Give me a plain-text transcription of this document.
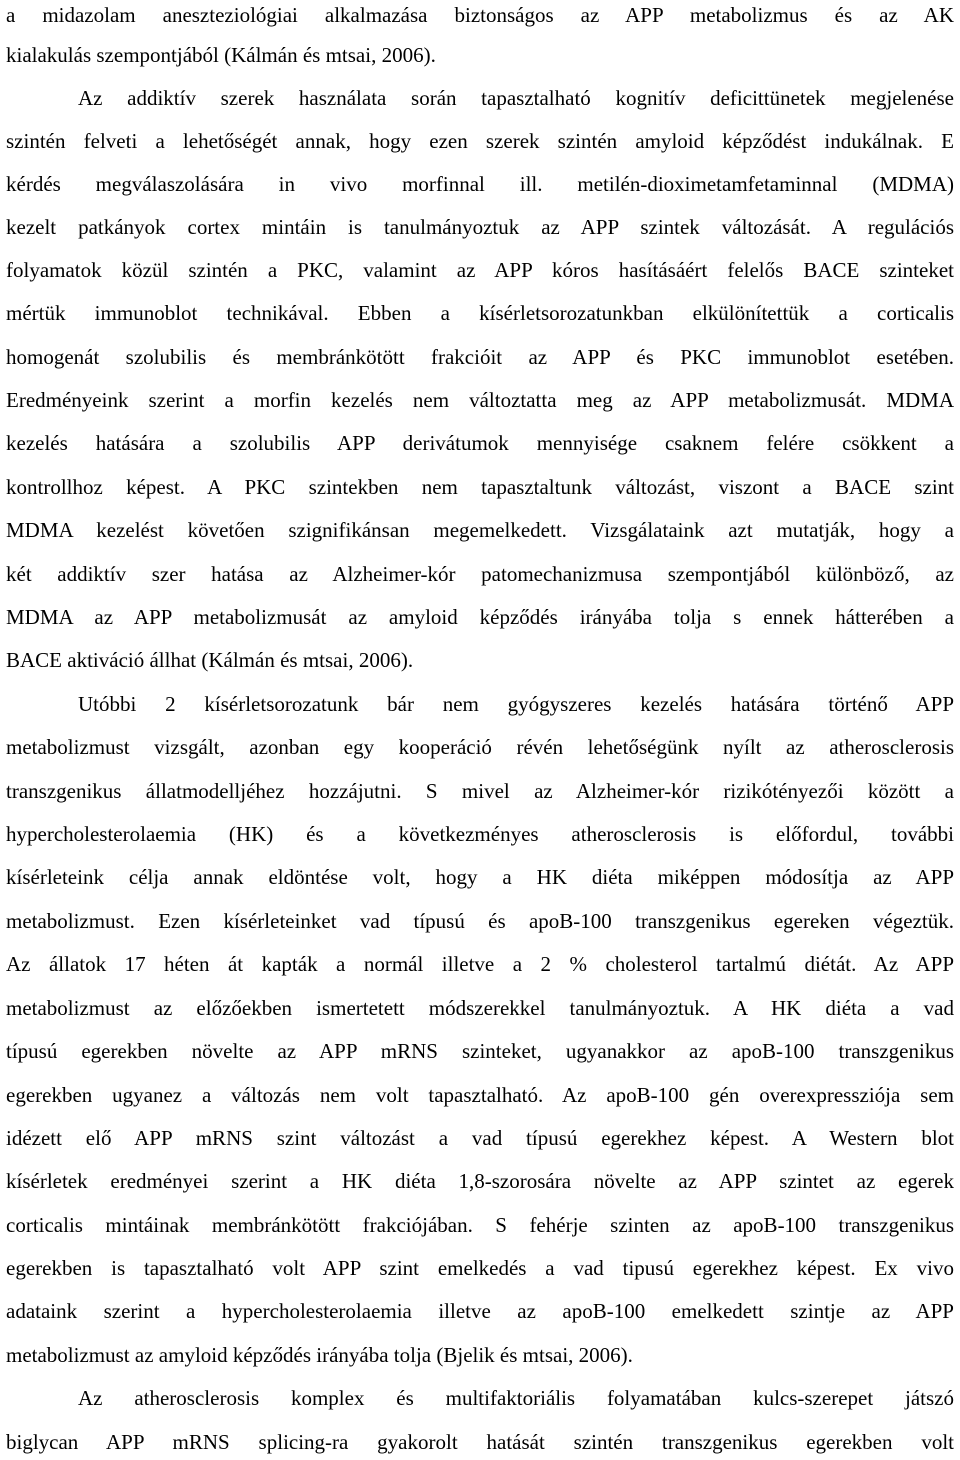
a midazolam aneszteziológiai alkalmazása biztonságos az APP metabolizmus és az AK
kialakulás szempontjából (Kálmán és mtsai, 2006).
Az addiktív szerek használata során tapasztalható kognitív deficittünetek megjelenése
szintén felveti a lehetőségét annak, hogy ezen szerek szintén amyloid képződést indukálnak. E
kérdés megválaszolására in vivo morfinnal ill. metilén-dioximetamfetaminnal (MDMA)
kezelt patkányok cortex mintáin is tanulmányoztuk az APP szintek változását. A regulációs
folyamatok közül szintén a PKC, valamint az APP kóros hasításáért felelős BACE szinteket
mértük immunoblot technikával. Ebben a kísérletsorozatunkban elkülönítettük a corticalis
homogenát szolubilis és membránkötött frakcióit az APP és PKC immunoblot esetében.
Eredményeink szerint a morfin kezelés nem változtatta meg az APP metabolizmusát. MDMA
kezelés hatására a szolubilis APP derivátumok mennyisége csaknem felére csökkent a
kontrollhoz képest. A PKC szintekben nem tapasztaltunk változást, viszont a BACE szint
MDMA kezelést követően szignifikánsan megemelkedett. Vizsgálataink azt mutatják, hogy a
két addiktív szer hatása az Alzheimer-kór patomechanizmusa szempontjából különböző, az
MDMA az APP metabolizmusát az amyloid képződés irányába tolja s ennek hátterében a
BACE aktiváció állhat (Kálmán és mtsai, 2006).
Utóbbi 2 kísérletsorozatunk bár nem gyógyszeres kezelés hatására történő APP
metabolizmust vizsgált, azonban egy kooperáció révén lehetőségünk nyílt az atherosclerosis
transzgenikus állatmodelljéhez hozzájutni. S mivel az Alzheimer-kór rizikótényezői között a
hypercholesterolaemia (HK) és a következményes atherosclerosis is előfordul, további
kísérleteink célja annak eldöntése volt, hogy a HK diéta miképpen módosítja az APP
metabolizmust. Ezen kísérleteinket vad típusú és apoB-100 transzgenikus egereken végeztük.
Az állatok 17 héten át kapták a normál illetve a 2 % cholesterol tartalmú diétát. Az APP
metabolizmust az előzőekben ismertetett módszerekkel tanulmányoztuk. A HK diéta a vad
típusú egerekben növelte az APP mRNS szinteket, ugyanakkor az apoB-100 transzgenikus
egerekben ugyanez a változás nem volt tapasztalható. Az apoB-100 gén overexpressziója sem
idézett elő APP mRNS szint változást a vad típusú egerekhez képest. A Western blot
kísérletek eredményei szerint a HK diéta 1,8-szorosára növelte az APP szintet az egerek
corticalis mintáinak membránkötött frakciójában. S fehérje szinten az apoB-100 transzgenikus
egerekben is tapasztalható volt APP szint emelkedés a vad tipusú egerekhez képest. Ex vivo
adataink szerint a hypercholesterolaemia illetve az apoB-100 emelkedett szintje az APP
metabolizmust az amyloid képződés irányába tolja (Bjelik és mtsai, 2006).
Az atherosclerosis komplex és multifaktoriális folyamatában kulcs-szerepet játszó
biglycan APP mRNS splicing-ra gyakorolt hatását szintén transzgenikus egerekben volt
